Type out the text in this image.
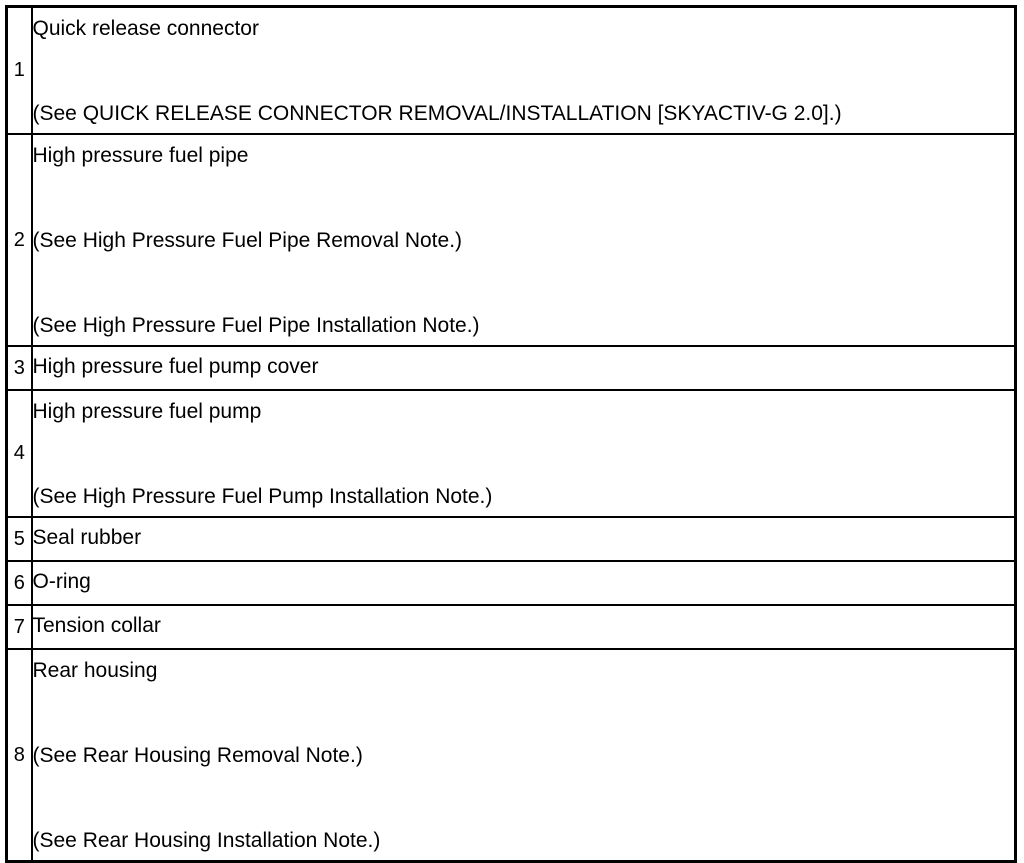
1	Quick release connector
(See QUICK RELEASE CONNECTOR REMOVAL/INSTALLATION [SKYACTIV-G 2.0].)

2	High pressure fuel pipe
(See High Pressure Fuel Pipe Removal Note.)
(See High Pressure Fuel Pipe Installation Note.)

3	High pressure fuel pump cover

4	High pressure fuel pump
(See High Pressure Fuel Pump Installation Note.)

5	Seal rubber

6	O-ring

7	Tension collar

8	Rear housing
(See Rear Housing Removal Note.)
(See Rear Housing Installation Note.)
